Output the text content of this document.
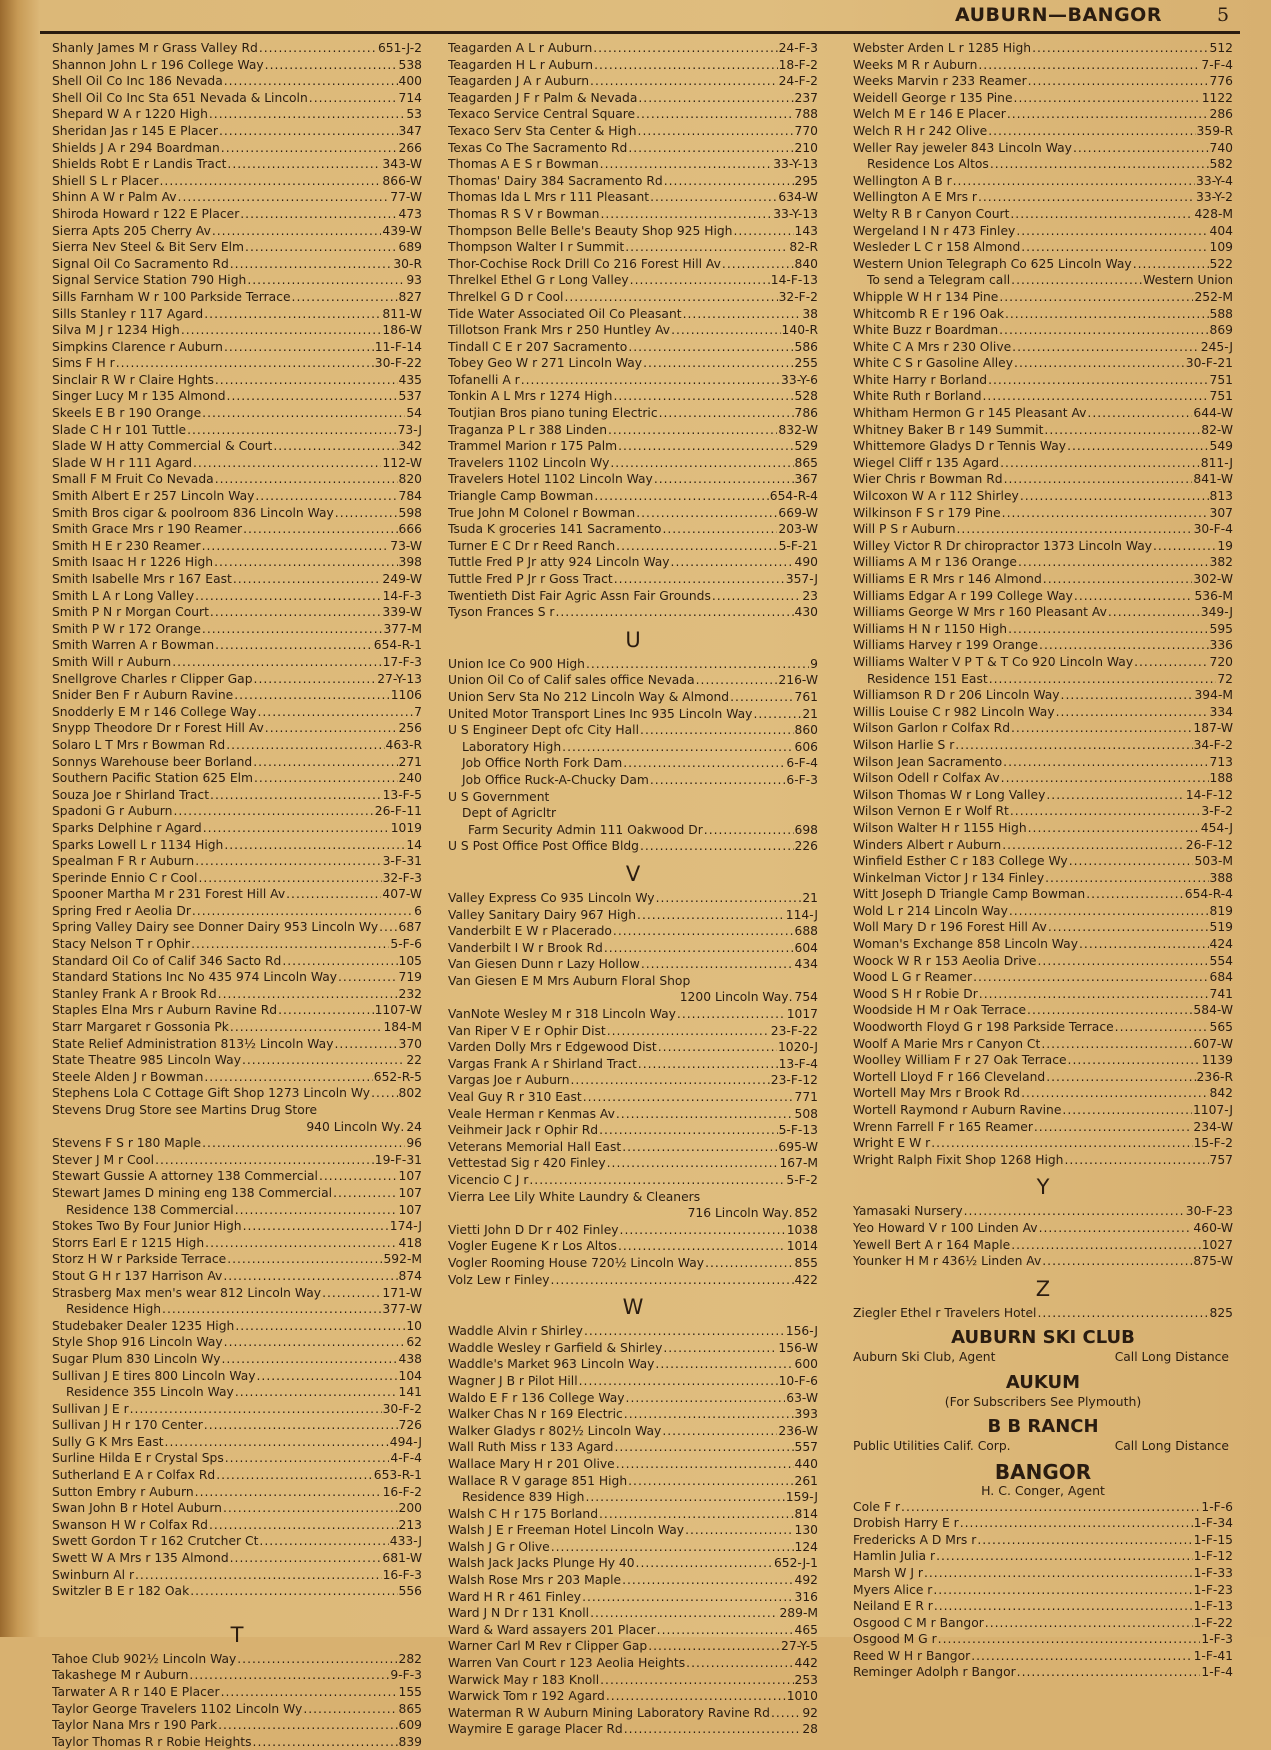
AUBURN—BANGOR	5
Shanly James M r Grass Valley Rd .....	651-J-2
Shannon John L r 196 College Way .....	538
Shell Oil Co Inc 186 Nevada .....	400
Shell Oil Co Inc Sta 651 Nevada & Lincoln .....	714
Shepard W A r 1220 High .....	53
Sheridan Jas r 145 E Placer .....	347
Shields J A r 294 Boardman .....	266
Shields Robt E r Landis Tract .....	343-W
Shiell S L r Placer .....	866-W
Shinn A W r Palm Av .....	77-W
Shiroda Howard r 122 E Placer .....	473
Sierra Apts 205 Cherry Av .....	439-W
Sierra Nev Steel & Bit Serv Elm .....	689
Signal Oil Co Sacramento Rd .....	30-R
Signal Service Station 790 High .....	93
Sills Farnham W r 100 Parkside Terrace .....	827
Sills Stanley r 117 Agard .....	811-W
Silva M J r 1234 High .....	186-W
Simpkins Clarence r Auburn .....	11-F-14
Sims F H r .....	30-F-22
Sinclair R W r Claire Hghts .....	435
Singer Lucy M r 135 Almond .....	537
Skeels E B r 190 Orange .....	54
Slade C H r 101 Tuttle .....	73-J
Slade W H atty Commercial & Court .....	342
Slade W H r 111 Agard .....	112-W
Small F M Fruit Co Nevada .....	820
Smith Albert E r 257 Lincoln Way .....	784
Smith Bros cigar & poolroom 836 Lincoln Way .....	598
Smith Grace Mrs r 190 Reamer .....	666
Smith H E r 230 Reamer .....	73-W
Smith Isaac H r 1226 High .....	398
Smith Isabelle Mrs r 167 East .....	249-W
Smith L A r Long Valley .....	14-F-3
Smith P N r Morgan Court .....	339-W
Smith P W r 172 Orange .....	377-M
Smith Warren A r Bowman .....	654-R-1
Smith Will r Auburn .....	17-F-3
Snellgrove Charles r Clipper Gap .....	27-Y-13
Snider Ben F r Auburn Ravine .....	1106
Snodderly E M r 146 College Way .....	7
Snypp Theodore Dr r Forest Hill Av .....	256
Solaro L T Mrs r Bowman Rd .....	463-R
Sonnys Warehouse beer Borland .....	271
Southern Pacific Station 625 Elm .....	240
Souza Joe r Shirland Tract .....	13-F-5
Spadoni G r Auburn .....	26-F-11
Sparks Delphine r Agard .....	1019
Sparks Lowell L r 1134 High .....	14
Spealman F R r Auburn .....	3-F-31
Sperinde Ennio C r Cool .....	32-F-3
Spooner Martha M r 231 Forest Hill Av .....	407-W
Spring Fred r Aeolia Dr .....	6
Spring Valley Dairy see Donner Dairy 953 Lincoln Wy ..... 687
Stacy Nelson T r Ophir .....	5-F-6
Standard Oil Co of Calif 346 Sacto Rd .....	105
Standard Stations Inc No 435 974 Lincoln Way .....	719
Stanley Frank A r Brook Rd .....	232
Staples Elna Mrs r Auburn Ravine Rd .....	1107-W
Starr Margaret r Gossonia Pk .....	184-M
State Relief Administration 813½ Lincoln Way .....	370
State Theatre 985 Lincoln Way .....	22
Steele Alden J r Bowman .....	652-R-5
Stephens Lola C Cottage Gift Shop 1273 Lincoln Wy ..... 802
Stevens Drug Store see Martins Drug Store
940 Lincoln Wy . 24
Stevens F S r 180 Maple .....	96
Stever J M r Cool .....	19-F-31
Stewart Gussie A attorney 138 Commercial .....	107
Stewart James D mining eng 138 Commercial .....	107
Residence 138 Commercial .....	107
Stokes Two By Four Junior High .....	174-J
Storrs Earl E r 1215 High .....	418
Storz H W r Parkside Terrace .....	592-M
Stout G H r 137 Harrison Av .....	874
Strasberg Max men's wear 812 Lincoln Way .....	171-W
Residence High .....	377-W
Studebaker Dealer 1235 High .....	10
Style Shop 916 Lincoln Way .....	62
Sugar Plum 830 Lincoln Wy .....	438
Sullivan J E tires 800 Lincoln Way .....	104
Residence 355 Lincoln Way .....	141
Sullivan J E r .....	30-F-2
Sullivan J H r 170 Center .....	726
Sully G K Mrs East .....	494-J
Surline Hilda E r Crystal Sps .....	4-F-4
Sutherland E A r Colfax Rd .....	653-R-1
Sutton Embry r Auburn .....	16-F-2
Swan John B r Hotel Auburn .....	200
Swanson H W r Colfax Rd .....	213
Swett Gordon T r 162 Crutcher Ct .....	433-J
Swett W A Mrs r 135 Almond .....	681-W
Swinburn Al r .....	16-F-3
Switzler B E r 182 Oak .....	556
T
Tahoe Club 902½ Lincoln Way .....	282
Takashege M r Auburn .....	9-F-3
Tarwater A R r 140 E Placer .....	155
Taylor George Travelers 1102 Lincoln Wy .....	865
Taylor Nana Mrs r 190 Park .....	609
Taylor Thomas R r Robie Heights .....	839
Teagarden A L r Auburn .....	24-F-3
Teagarden H L r Auburn .....	18-F-2
Teagarden J A r Auburn .....	24-F-2
Teagarden J F r Palm & Nevada .....	237
Texaco Service Central Square .....	788
Texaco Serv Sta Center & High .....	770
Texas Co The Sacramento Rd .....	210
Thomas A E S r Bowman .....	33-Y-13
Thomas' Dairy 384 Sacramento Rd .....	295
Thomas Ida L Mrs r 111 Pleasant .....	634-W
Thomas R S V r Bowman .....	33-Y-13
Thompson Belle Belle's Beauty Shop 925 High .....	143
Thompson Walter I r Summit .....	82-R
Thor-Cochise Rock Drill Co 216 Forest Hill Av .....	840
Threlkel Ethel G r Long Valley .....	14-F-13
Threlkel G D r Cool .....	32-F-2
Tide Water Associated Oil Co Pleasant .....	38
Tillotson Frank Mrs r 250 Huntley Av .....	140-R
Tindall C E r 207 Sacramento .....	586
Tobey Geo W r 271 Lincoln Way .....	255
Tofanelli A r .....	33-Y-6
Tonkin A L Mrs r 1274 High .....	528
Toutjian Bros piano tuning Electric .....	786
Traganza P L r 388 Linden .....	832-W
Trammel Marion r 175 Palm .....	529
Travelers 1102 Lincoln Wy .....	865
Travelers Hotel 1102 Lincoln Way .....	367
Triangle Camp Bowman .....	654-R-4
True John M Colonel r Bowman .....	669-W
Tsuda K groceries 141 Sacramento .....	203-W
Turner E C Dr r Reed Ranch .....	5-F-21
Tuttle Fred P Jr atty 924 Lincoln Way .....	490
Tuttle Fred P Jr r Goss Tract .....	357-J
Twentieth Dist Fair Agric Assn Fair Grounds .....	23
Tyson Frances S r .....	430
U
Union Ice Co 900 High .....	9
Union Oil Co of Calif sales office Nevada .....	216-W
Union Serv Sta No 212 Lincoln Way & Almond .....	761
United Motor Transport Lines Inc 935 Lincoln Way .....	21
U S Engineer Dept ofc City Hall .....	860
Laboratory High .....	606
Job Office North Fork Dam .....	6-F-4
Job Office Ruck-A-Chucky Dam .....	6-F-3
U S Government
Dept of Agricltr
Farm Security Admin 111 Oakwood Dr .....	698
U S Post Office Post Office Bldg .....	226
V
Valley Express Co 935 Lincoln Wy .....	21
Valley Sanitary Dairy 967 High .....	114-J
Vanderbilt E W r Placerado .....	688
Vanderbilt I W r Brook Rd .....	604
Van Giesen Dunn r Lazy Hollow .....	434
Van Giesen E M Mrs Auburn Floral Shop
1200 Lincoln Way . 754
VanNote Wesley M r 318 Lincoln Way .....	1017
Van Riper V E r Ophir Dist .....	23-F-22
Varden Dolly Mrs r Edgewood Dist .....	1020-J
Vargas Frank A r Shirland Tract .....	13-F-4
Vargas Joe r Auburn .....	23-F-12
Veal Guy R r 310 East .....	771
Veale Herman r Kenmas Av .....	508
Veihmeir Jack r Ophir Rd .....	5-F-13
Veterans Memorial Hall East .....	695-W
Vettestad Sig r 420 Finley .....	167-M
Vicencio C J r .....	5-F-2
Vierra Lee Lily White Laundry & Cleaners
716 Lincoln Way . 852
Vietti John D Dr r 402 Finley .....	1038
Vogler Eugene K r Los Altos .....	1014
Vogler Rooming House 720½ Lincoln Way .....	855
Volz Lew r Finley .....	422
W
Waddle Alvin r Shirley .....	156-J
Waddle Wesley r Garfield & Shirley .....	156-W
Waddle's Market 963 Lincoln Way .....	600
Wagner J B r Pilot Hill .....	10-F-6
Waldo E F r 136 College Way .....	63-W
Walker Chas N r 169 Electric .....	393
Walker Gladys r 802½ Lincoln Way .....	236-W
Wall Ruth Miss r 133 Agard .....	557
Wallace Mary H r 201 Olive .....	440
Wallace R V garage 851 High .....	261
Residence 839 High .....	159-J
Walsh C H r 175 Borland .....	814
Walsh J E r Freeman Hotel Lincoln Way .....	130
Walsh J G r Olive .....	124
Walsh Jack Jacks Plunge Hy 40 .....	652-J-1
Walsh Rose Mrs r 203 Maple .....	492
Ward H R r 461 Finley .....	316
Ward J N Dr r 131 Knoll .....	289-M
Ward & Ward assayers 201 Placer .....	465
Warner Carl M Rev r Clipper Gap .....	27-Y-5
Warren Van Court r 123 Aeolia Heights .....	442
Warwick May r 183 Knoll .....	253
Warwick Tom r 192 Agard .....	1010
Waterman R W Auburn Mining Laboratory Ravine Rd .....	92
Waymire E garage Placer Rd .....	28
Webster Arden L r 1285 High .....	512
Weeks M R r Auburn .....	7-F-4
Weeks Marvin r 233 Reamer .....	776
Weidell George r 135 Pine .....	1122
Welch M E r 146 E Placer .....	286
Welch R H r 242 Olive .....	359-R
Weller Ray jeweler 843 Lincoln Way .....	740
Residence Los Altos .....	582
Wellington A B r .....	33-Y-4
Wellington A E Mrs r .....	33-Y-2
Welty R B r Canyon Court .....	428-M
Wergeland I N r 473 Finley .....	404
Wesleder L C r 158 Almond .....	109
Western Union Telegraph Co 625 Lincoln Way .....	522
To send a Telegram call .....	Western Union
Whipple W H r 134 Pine .....	252-M
Whitcomb R E r 196 Oak .....	588
White Buzz r Boardman .....	869
White C A Mrs r 230 Olive .....	245-J
White C S r Gasoline Alley .....	30-F-21
White Harry r Borland .....	751
White Ruth r Borland .....	751
Whitham Hermon G r 145 Pleasant Av .....	644-W
Whitney Baker B r 149 Summit .....	82-W
Whittemore Gladys D r Tennis Way .....	549
Wiegel Cliff r 135 Agard .....	811-J
Wier Chris r Bowman Rd .....	841-W
Wilcoxon W A r 112 Shirley .....	813
Wilkinson F S r 179 Pine .....	307
Will P S r Auburn .....	30-F-4
Willey Victor R Dr chiropractor 1373 Lincoln Way .....	19
Williams A M r 136 Orange .....	382
Williams E R Mrs r 146 Almond .....	302-W
Williams Edgar A r 199 College Way .....	536-M
Williams George W Mrs r 160 Pleasant Av .....	349-J
Williams H N r 1150 High .....	595
Williams Harvey r 199 Orange .....	336
Williams Walter V P T & T Co 920 Lincoln Way .....	720
Residence 151 East .....	72
Williamson R D r 206 Lincoln Way .....	394-M
Willis Louise C r 982 Lincoln Way .....	334
Wilson Garlon r Colfax Rd .....	187-W
Wilson Harlie S r .....	34-F-2
Wilson Jean Sacramento .....	713
Wilson Odell r Colfax Av .....	188
Wilson Thomas W r Long Valley .....	14-F-12
Wilson Vernon E r Wolf Rt .....	3-F-2
Wilson Walter H r 1155 High .....	454-J
Winders Albert r Auburn .....	26-F-12
Winfield Esther C r 183 College Wy .....	503-M
Winkelman Victor J r 134 Finley .....	388
Witt Joseph D Triangle Camp Bowman .....	654-R-4
Wold L r 214 Lincoln Way .....	819
Woll Mary D r 196 Forest Hill Av .....	519
Woman's Exchange 858 Lincoln Way .....	424
Woock W R r 153 Aeolia Drive .....	554
Wood L G r Reamer .....	684
Wood S H r Robie Dr .....	741
Woodside H M r Oak Terrace .....	584-W
Woodworth Floyd G r 198 Parkside Terrace .....	565
Woolf A Marie Mrs r Canyon Ct .....	607-W
Woolley William F r 27 Oak Terrace .....	1139
Wortell Lloyd F r 166 Cleveland .....	236-R
Wortell May Mrs r Brook Rd .....	842
Wortell Raymond r Auburn Ravine .....	1107-J
Wrenn Farrell F r 165 Reamer .....	234-W
Wright E W r .....	15-F-2
Wright Ralph Fixit Shop 1268 High .....	757
Y
Yamasaki Nursery .....	30-F-23
Yeo Howard V r 100 Linden Av .....	460-W
Yewell Bert A r 164 Maple .....	1027
Younker H M r 436½ Linden Av .....	875-W
Z
Ziegler Ethel r Travelers Hotel .....	825
AUBURN SKI CLUB
Auburn Ski Club, Agent	Call Long Distance
AUKUM
(For Subscribers See Plymouth)
B B RANCH
Public Utilities Calif. Corp.	Call Long Distance
BANGOR
H. C. Conger, Agent
Cole F r .....	1-F-6
Drobish Harry E r .....	1-F-34
Fredericks A D Mrs r .....	1-F-15
Hamlin Julia r .....	1-F-12
Marsh W J r .....	1-F-33
Myers Alice r .....	1-F-23
Neiland E R r .....	1-F-13
Osgood C M r Bangor .....	1-F-22
Osgood M G r .....	1-F-3
Reed W H r Bangor .....	1-F-41
Reminger Adolph r Bangor .....	1-F-4
